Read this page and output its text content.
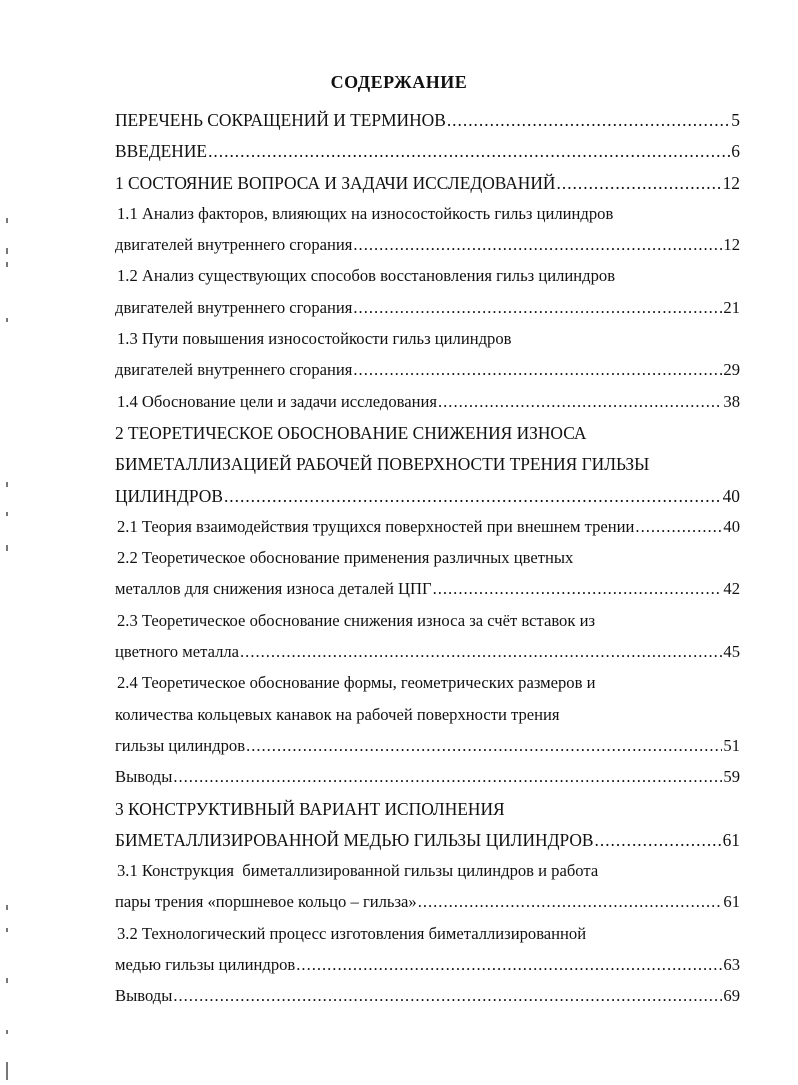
СОДЕРЖАНИЕ
ПЕРЕЧЕНЬ СОКРАЩЕНИЙ И ТЕРМИНОВ .....	5
ВВЕДЕНИЕ .....	6
1 СОСТОЯНИЕ ВОПРОСА И ЗАДАЧИ ИССЛЕДОВАНИЙ .....	12
1.1 Анализ факторов, влияющих на износостойкость гильз цилиндров
двигателей внутреннего сгорания .....	12
1.2 Анализ существующих способов восстановления гильз цилиндров
двигателей внутреннего сгорания .....	21
1.3 Пути повышения износостойкости гильз цилиндров
двигателей внутреннего сгорания .....	29
1.4 Обоснование цели и задачи исследования .....	38
2 ТЕОРЕТИЧЕСКОЕ ОБОСНОВАНИЕ СНИЖЕНИЯ ИЗНОСА
БИМЕТАЛЛИЗАЦИЕЙ РАБОЧЕЙ ПОВЕРХНОСТИ ТРЕНИЯ ГИЛЬЗЫ
ЦИЛИНДРОВ .....	40
2.1 Теория взаимодействия трущихся поверхностей при внешнем трении .....	40
2.2 Теоретическое обоснование применения различных цветных
металлов для снижения износа деталей ЦПГ .....	42
2.3 Теоретическое обоснование снижения износа за счёт вставок из
цветного металла .....	45
2.4 Теоретическое обоснование формы, геометрических размеров и
количества кольцевых канавок на рабочей поверхности трения
гильзы цилиндров .....	51
Выводы .....	59
3 КОНСТРУКТИВНЫЙ ВАРИАНТ ИСПОЛНЕНИЯ
БИМЕТАЛЛИЗИРОВАННОЙ МЕДЬЮ ГИЛЬЗЫ ЦИЛИНДРОВ .....	61
3.1 Конструкция  биметаллизированной гильзы цилиндров и работа
пары трения «поршневое кольцо – гильза» .....	61
3.2 Технологический процесс изготовления биметаллизированной
медью гильзы цилиндров .....	63
Выводы .....	69
